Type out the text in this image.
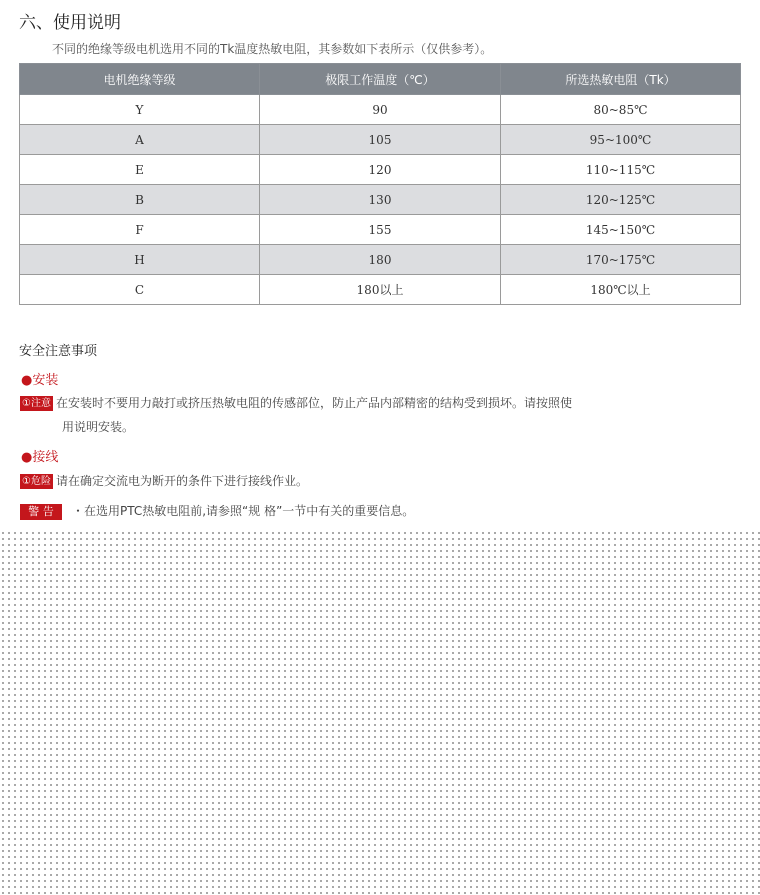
六、使用说明

不同的绝缘等级电机选用不同的Tk温度热敏电阻，其参数如下表所示（仅供参考）。

电机绝缘等级	极限工作温度（℃）	所选热敏电阻（Tk）
Y	90	80~85℃
A	105	95~100℃
E	120	110~115℃
B	130	120~125℃
F	155	145~150℃
H	180	170~175℃
C	180以上	180℃以上
安全注意事项

●安装

①注意 在安装时不要用力敲打或挤压热敏电阻的传感部位，防止产品内部精密的结构受到损坏。请按照使

用说明安装。

●接线

①危险 请在确定交流电为断开的条件下进行接线作业。

警 告 ・在选用PTC热敏电阻前,请参照“规 格”一节中有关的重要信息。
